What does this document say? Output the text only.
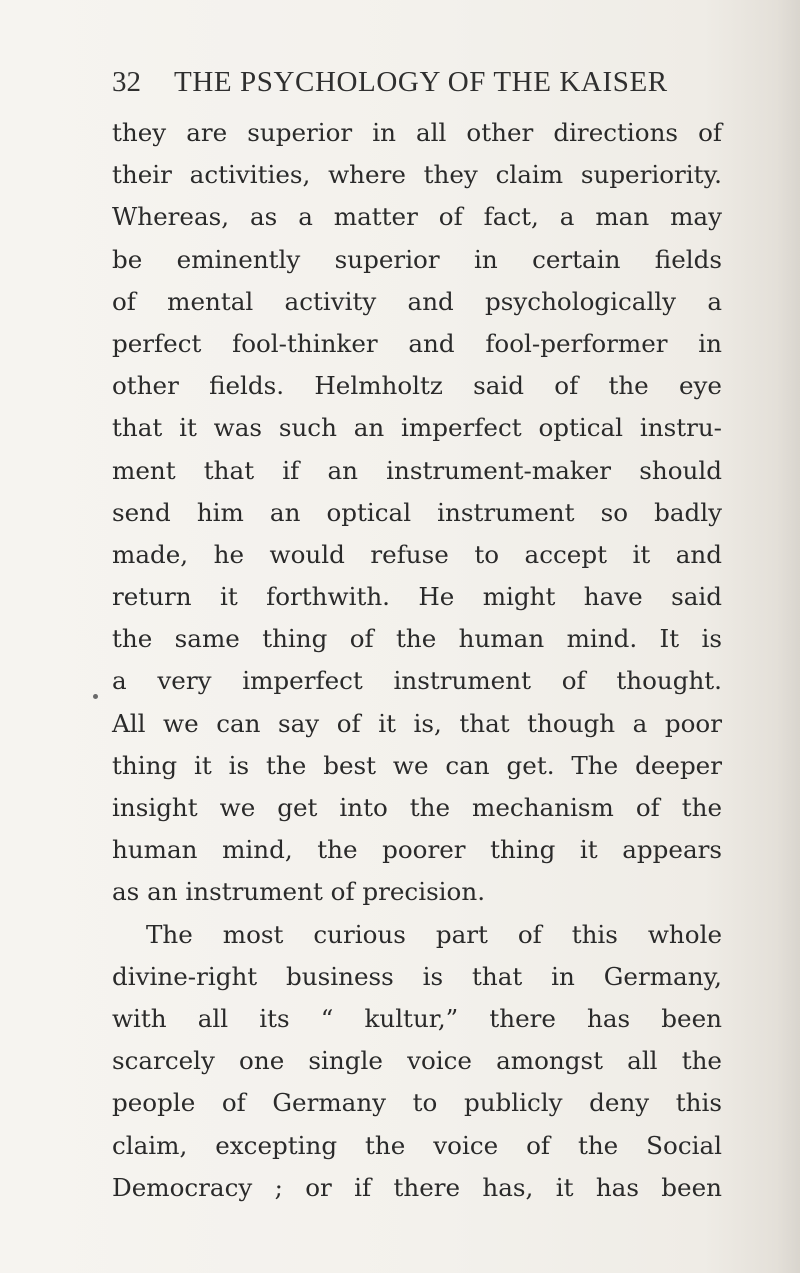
32 THE PSYCHOLOGY OF THE KAISER
they are superior in all other directions of
their activities, where they claim superiority.
Whereas, as a matter of fact, a man may
be eminently superior in certain fields
of mental activity and psychologically a
perfect fool-thinker and fool-performer in
other fields. Helmholtz said of the eye
that it was such an imperfect optical instru-
ment that if an instrument-maker should
send him an optical instrument so badly
made, he would refuse to accept it and
return it forthwith. He might have said
the same thing of the human mind. It is
a very imperfect instrument of thought.
All we can say of it is, that though a poor
thing it is the best we can get. The deeper
insight we get into the mechanism of the
human mind, the poorer thing it appears
as an instrument of precision.
The most curious part of this whole
divine-right business is that in Germany,
with all its “ kultur,” there has been
scarcely one single voice amongst all the
people of Germany to publicly deny this
claim, excepting the voice of the Social
Democracy ; or if there has, it has been
